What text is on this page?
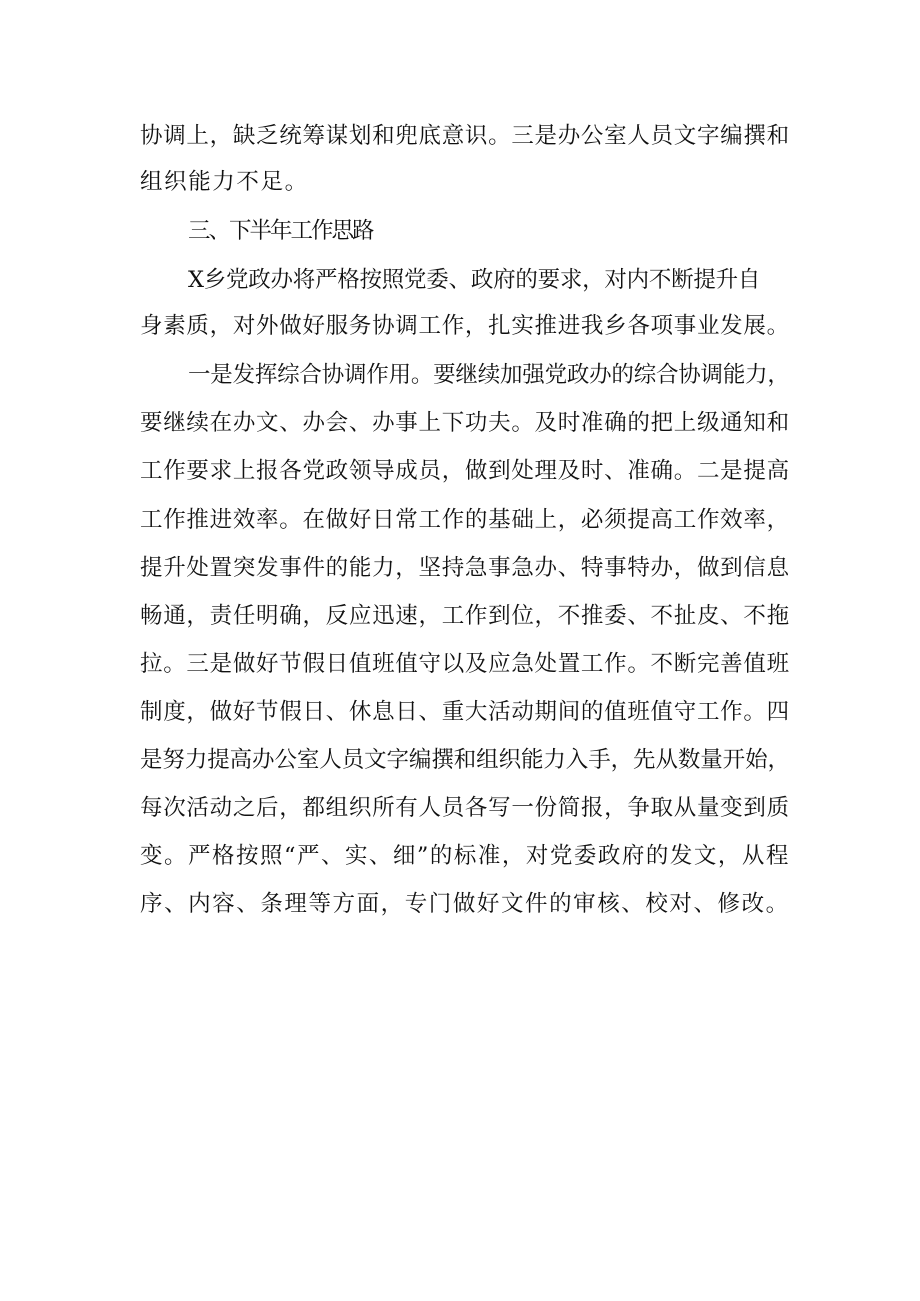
协调上，缺乏统筹谋划和兜底意识。三是办公室人员文字编撰和
组织能力不足。
三、下半年工作思路
X乡党政办将严格按照党委、政府的要求，对内不断提升自
身素质，对外做好服务协调工作，扎实推进我乡各项事业发展。
一是发挥综合协调作用。要继续加强党政办的综合协调能力，
要继续在办文、办会、办事上下功夫。及时准确的把上级通知和
工作要求上报各党政领导成员，做到处理及时、准确。二是提高
工作推进效率。在做好日常工作的基础上，必须提高工作效率，
提升处置突发事件的能力，坚持急事急办、特事特办，做到信息
畅通，责任明确，反应迅速，工作到位，不推委、不扯皮、不拖
拉。三是做好节假日值班值守以及应急处置工作。不断完善值班
制度，做好节假日、休息日、重大活动期间的值班值守工作。四
是努力提高办公室人员文字编撰和组织能力入手，先从数量开始，
每次活动之后，都组织所有人员各写一份简报，争取从量变到质
变。严格按照“严、实、细”的标准，对党委政府的发文，从程
序、内容、条理等方面，专门做好文件的审核、校对、修改。
